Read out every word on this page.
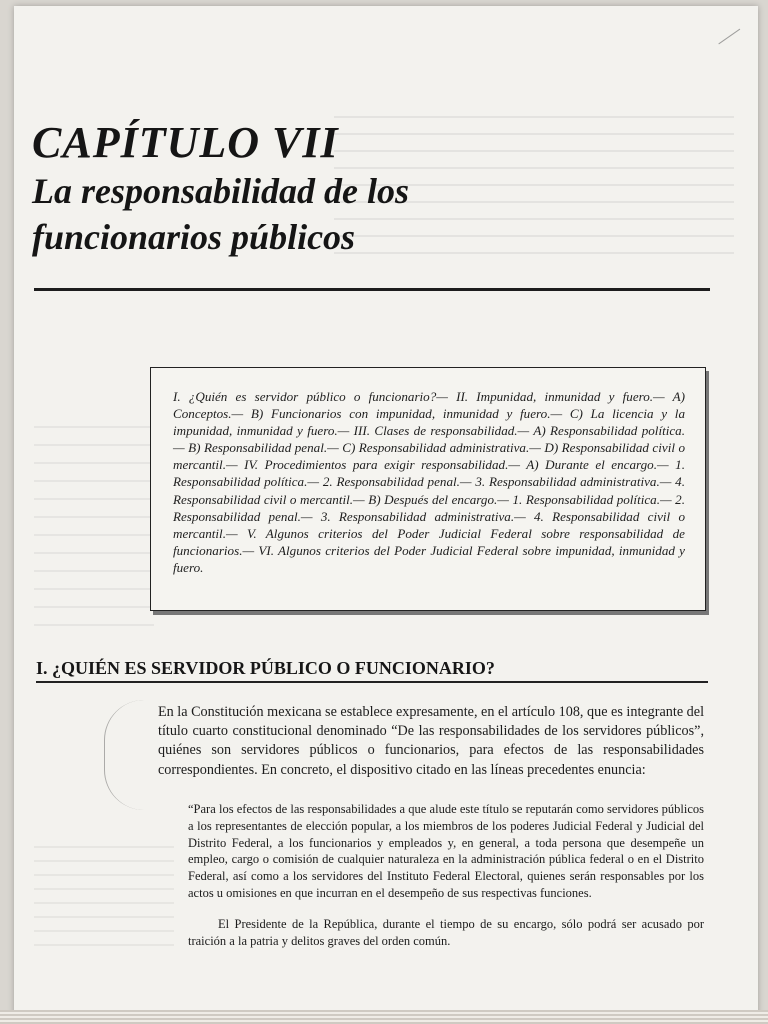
CAPÍTULO VII
La responsabilidad de los
funcionarios públicos

I. ¿Quién es servidor público o funcionario?— II. Impunidad, inmunidad y fuero.— A) Conceptos.— B) Funcionarios con impunidad, inmunidad y fuero.— C) La licencia y la impunidad, inmunidad y fuero.— III. Clases de responsabilidad.— A) Responsabilidad política.— B) Responsabilidad penal.— C) Responsabilidad administrativa.— D) Responsabilidad civil o mercantil.— IV. Procedimientos para exigir responsabilidad.— A) Durante el encargo.— 1. Responsabilidad política.— 2. Responsabilidad penal.— 3. Responsabilidad administrativa.— 4. Responsabilidad civil o mercantil.— B) Después del encargo.— 1. Responsabilidad política.— 2. Responsabilidad penal.— 3. Responsabilidad administrativa.— 4. Responsabilidad civil o mercantil.— V. Algunos criterios del Poder Judicial Federal sobre responsabilidad de funcionarios.— VI. Algunos criterios del Poder Judicial Federal sobre impunidad, inmunidad y fuero.

I. ¿QUIÉN ES SERVIDOR PÚBLICO O FUNCIONARIO?

En la Constitución mexicana se establece expresamente, en el artículo 108, que es integrante del título cuarto constitucional denominado “De las responsabilidades de los servidores públicos”, quiénes son servidores públicos o funcionarios, para efectos de las responsabilidades correspondientes. En concreto, el dispositivo citado en las líneas precedentes enuncia:

“Para los efectos de las responsabilidades a que alude este título se reputarán como servidores públicos a los representantes de elección popular, a los miembros de los poderes Judicial Federal y Judicial del Distrito Federal, a los funcionarios y empleados y, en general, a toda persona que desempeñe un empleo, cargo o comisión de cualquier naturaleza en la administración pública federal o en el Distrito Federal, así como a los servidores del Instituto Federal Electoral, quienes serán responsables por los actos u omisiones en que incurran en el desempeño de sus respectivas funciones.

El Presidente de la República, durante el tiempo de su encargo, sólo podrá ser acusado por traición a la patria y delitos graves del orden común.
